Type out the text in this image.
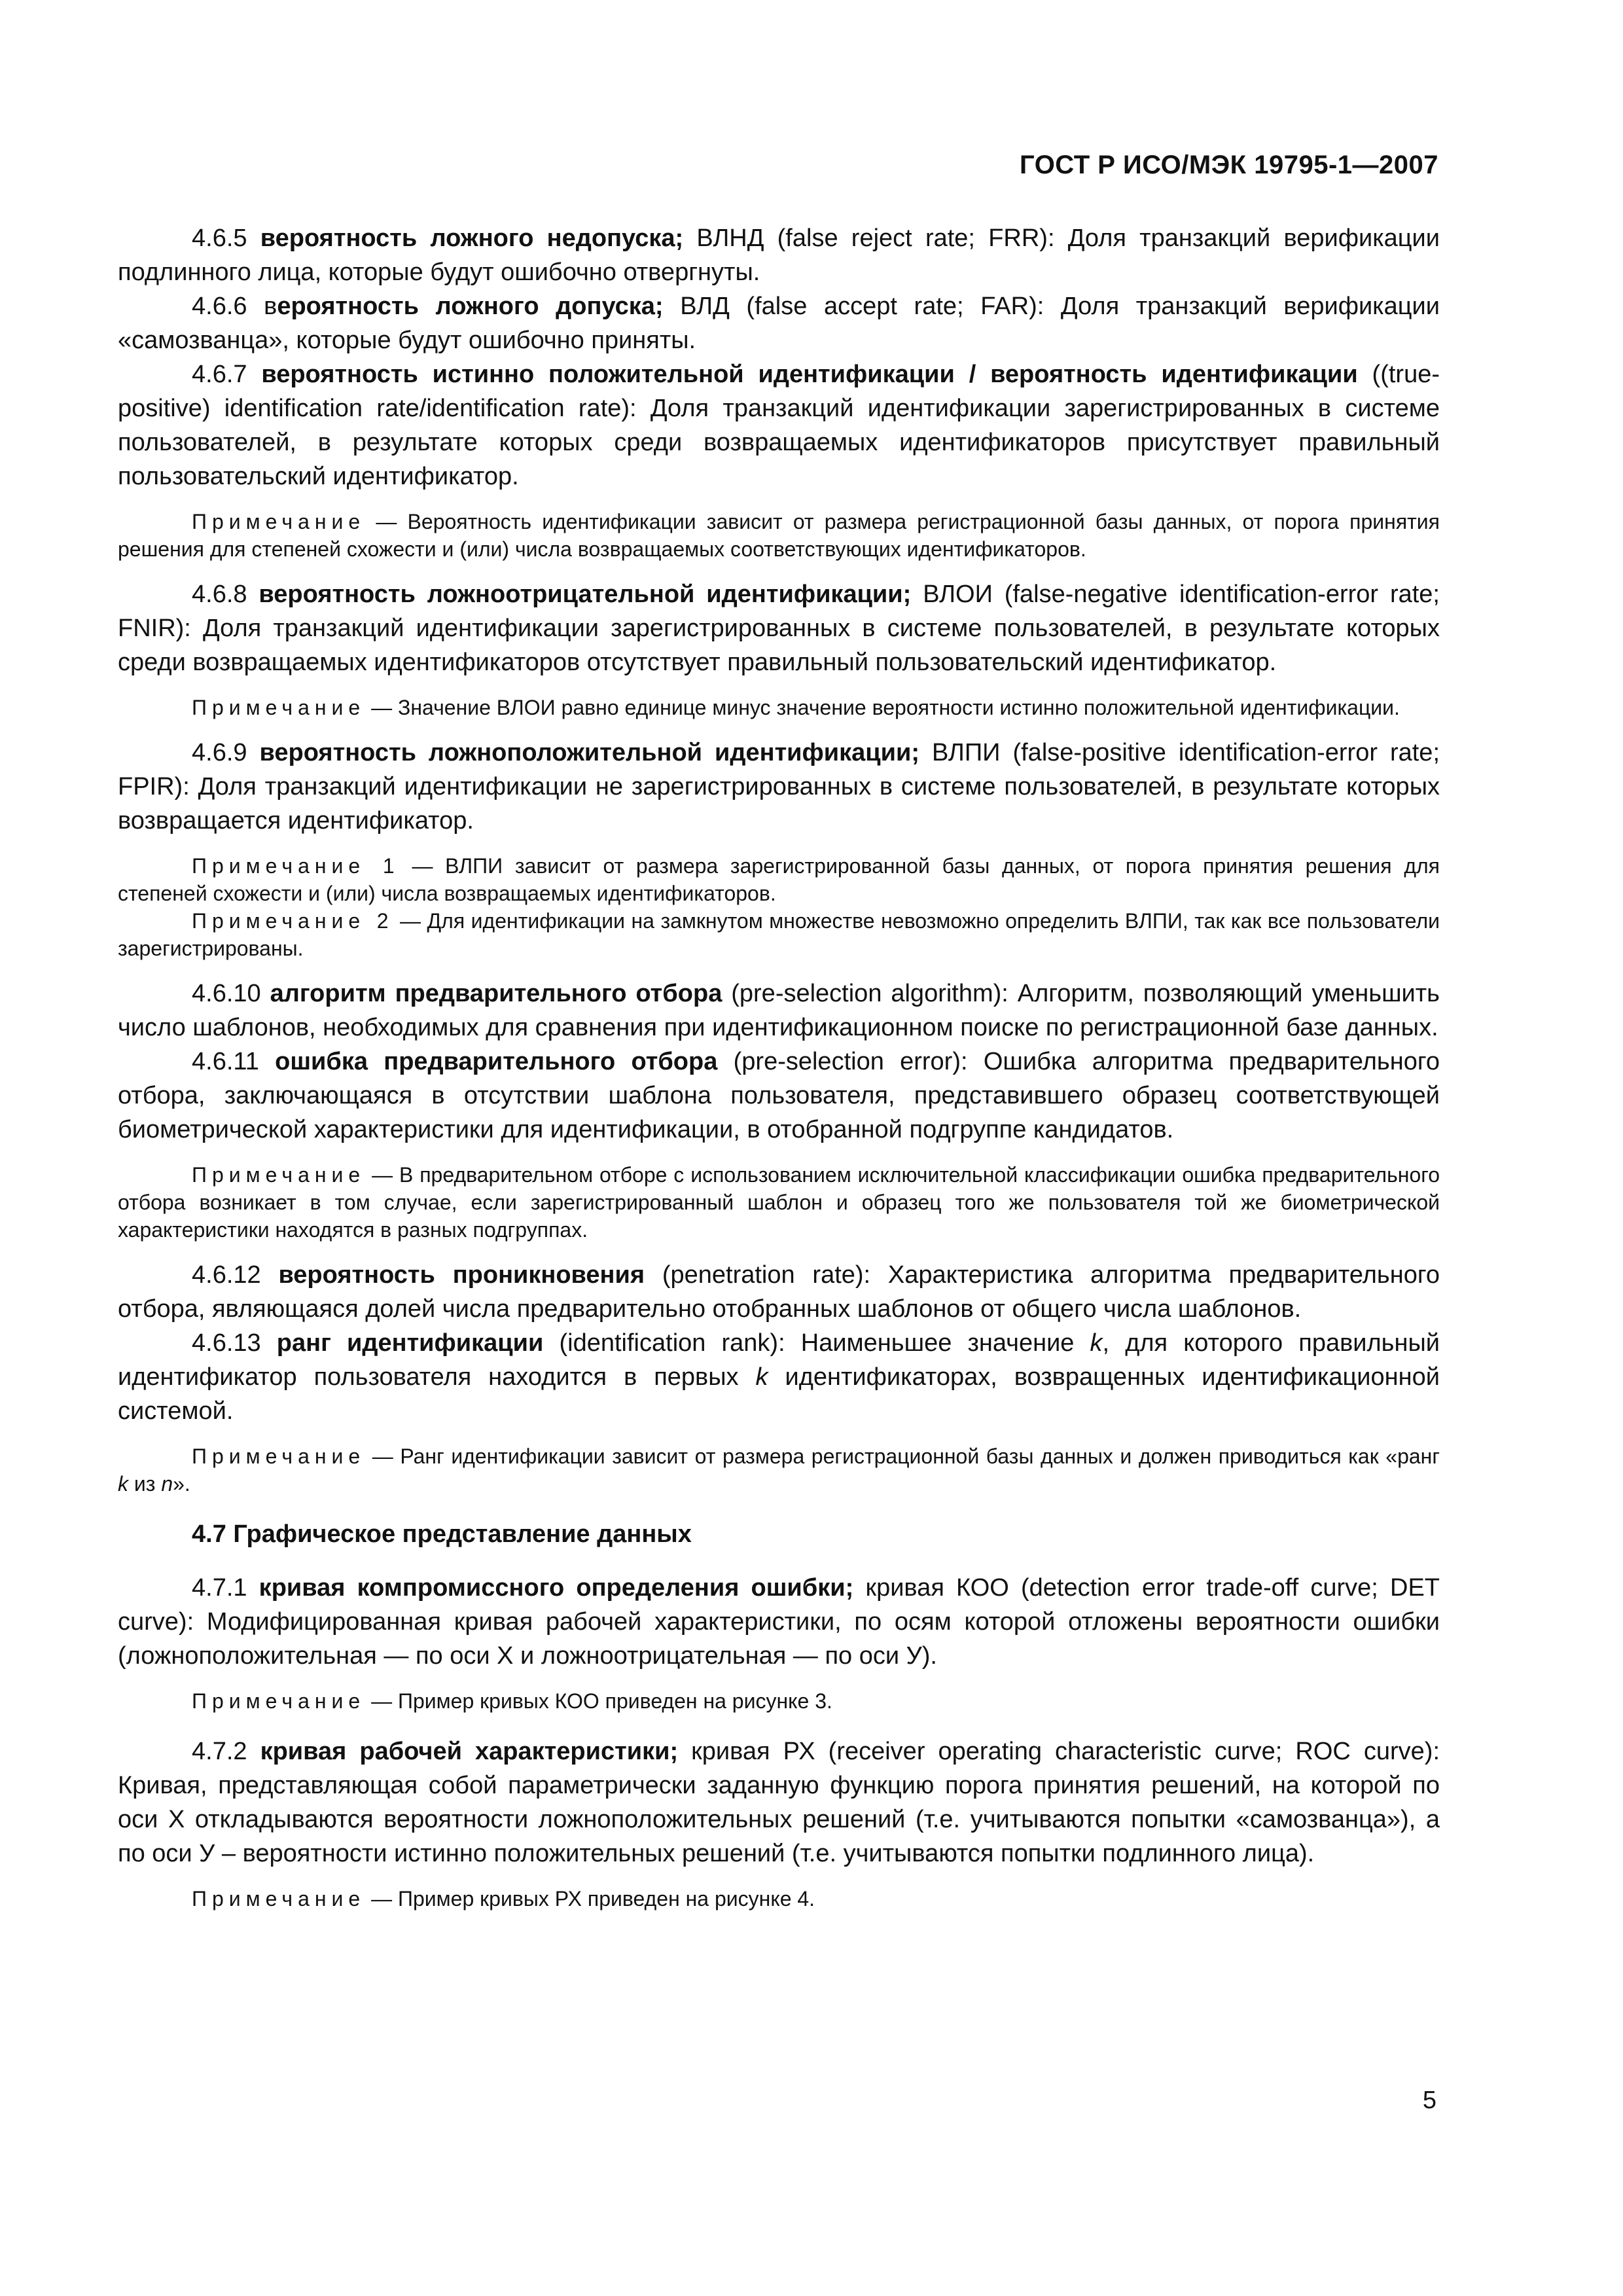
ГОСТ Р ИСО/МЭК 19795-1—2007

4.6.5 вероятность ложного недопуска; ВЛНД (false reject rate; FRR): Доля транзакций верификации подлинного лица, которые будут ошибочно отвергнуты.

4.6.6 вероятность ложного допуска; ВЛД (false accept rate; FAR): Доля транзакций верификации «самозванца», которые будут ошибочно приняты.

4.6.7 вероятность истинно положительной идентификации / вероятность идентификации ((true-positive) identification rate/identification rate): Доля транзакций идентификации зарегистрированных в системе пользователей, в результате которых среди возвращаемых идентификаторов присутствует правильный пользовательский идентификатор.

Примечание — Вероятность идентификации зависит от размера регистрационной базы данных, от порога принятия решения для степеней схожести и (или) числа возвращаемых соответствующих идентификаторов.

4.6.8 вероятность ложноотрицательной идентификации; ВЛОИ (false-negative identification-error rate; FNIR): Доля транзакций идентификации зарегистрированных в системе пользователей, в результате которых среди возвращаемых идентификаторов отсутствует правильный пользовательский идентификатор.

Примечание — Значение ВЛОИ равно единице минус значение вероятности истинно положительной идентификации.

4.6.9 вероятность ложноположительной идентификации; ВЛПИ (false-positive identification-error rate; FPIR): Доля транзакций идентификации не зарегистрированных в системе пользователей, в результате которых возвращается идентификатор.

Примечание 1 — ВЛПИ зависит от размера зарегистрированной базы данных, от порога принятия решения для степеней схожести и (или) числа возвращаемых идентификаторов.

Примечание 2 — Для идентификации на замкнутом множестве невозможно определить ВЛПИ, так как все пользователи зарегистрированы.

4.6.10 алгоритм предварительного отбора (pre-selection algorithm): Алгоритм, позволяющий уменьшить число шаблонов, необходимых для сравнения при идентификационном поиске по регистрационной базе данных.

4.6.11 ошибка предварительного отбора (pre-selection error): Ошибка алгоритма предварительного отбора, заключающаяся в отсутствии шаблона пользователя, представившего образец соответствующей биометрической характеристики для идентификации, в отобранной подгруппе кандидатов.

Примечание — В предварительном отборе с использованием исключительной классификации ошибка предварительного отбора возникает в том случае, если зарегистрированный шаблон и образец того же пользователя той же биометрической характеристики находятся в разных подгруппах.

4.6.12 вероятность проникновения (penetration rate): Характеристика алгоритма предварительного отбора, являющаяся долей числа предварительно отобранных шаблонов от общего числа шаблонов.

4.6.13 ранг идентификации (identification rank): Наименьшее значение k, для которого правильный идентификатор пользователя находится в первых k идентификаторах, возвращенных идентификационной системой.

Примечание — Ранг идентификации зависит от размера регистрационной базы данных и должен приводиться как «ранг k из n».

4.7 Графическое представление данных

4.7.1 кривая компромиссного определения ошибки; кривая КОО (detection error trade-off curve; DET curve): Модифицированная кривая рабочей характеристики, по осям которой отложены вероятности ошибки (ложноположительная — по оси X и ложноотрицательная — по оси У).

Примечание — Пример кривых КОО приведен на рисунке 3.

4.7.2 кривая рабочей характеристики; кривая РХ (receiver operating characteristic curve; ROC curve): Кривая, представляющая собой параметрически заданную функцию порога принятия решений, на которой по оси X откладываются вероятности ложноположительных решений (т.е. учитываются попытки «самозванца»), а по оси У – вероятности истинно положительных решений (т.е. учитываются попытки подлинного лица).

Примечание — Пример кривых РХ приведен на рисунке 4.

5
